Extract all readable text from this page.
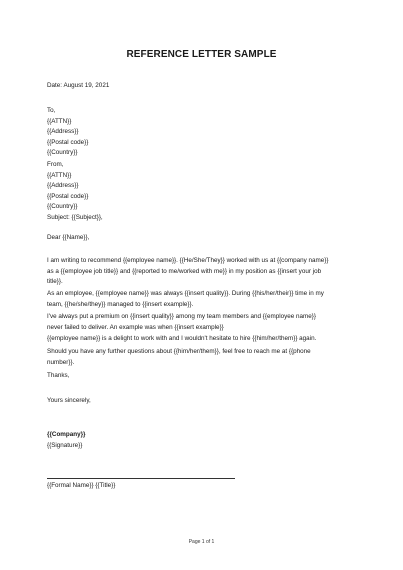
REFERENCE LETTER SAMPLE
Date: August 19, 2021
To,
{{ATTN}}
{{Address}}
{{Postal code}}
{{Country}}
From,
{{ATTN}}
{{Address}}
{{Postal code}}
{{Country}}
Subject: {{Subject}},
Dear {{Name}},
I am writing to recommend {{employee name}}. {{He/She/They}} worked with us at {{company name}}
as a {{employee job title}} and {{reported to me/worked with me}} in my position as {{insert your job
title}}.
As an employee, {{employee name}} was always {{insert quality}}. During {{his/her/their}} time in my
team, {{he/she/they}} managed to {{insert example}}.
I've always put a premium on {{insert quality}} among my team members and {{employee name}}
never failed to deliver. An example was when {{insert example}}
{{employee name}} is a delight to work with and I wouldn't hesitate to hire {{him/her/them}} again.
Should you have any further questions about {{him/her/them}}, feel free to reach me at {{phone
number}}.
Thanks,
Yours sincerely,
{{Company}}
{{Signature}}
{{Formal Name}} {{Title}}
Page 1 of 1
